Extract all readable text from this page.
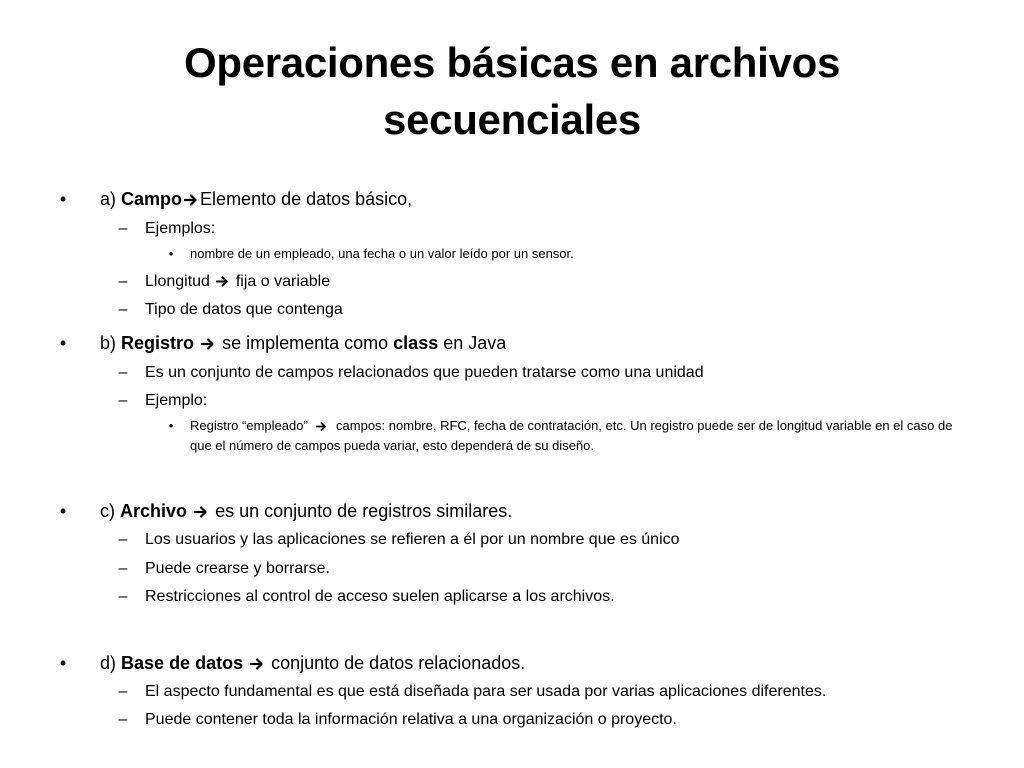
Operaciones básicas en archivos
secuenciales
• a) Campo Elemento de datos básico,
– Ejemplos:
• nombre de un empleado, una fecha o un valor leído por un sensor.
– Llongitud fija o variable
– Tipo de datos que contenga
• b) Registro se implementa como class en Java
– Es un conjunto de campos relacionados que pueden tratarse como una unidad
– Ejemplo:
• Registro “empleado” campos: nombre, RFC, fecha de contratación, etc. Un registro puede ser de longitud variable en el caso de que el número de campos pueda variar, esto dependerá de su diseño.
• c) Archivo es un conjunto de registros similares.
– Los usuarios y las aplicaciones se refieren a él por un nombre que es único
– Puede crearse y borrarse.
– Restricciones al control de acceso suelen aplicarse a los archivos.
• d) Base de datos conjunto de datos relacionados.
– El aspecto fundamental es que está diseñada para ser usada por varias aplicaciones diferentes.
– Puede contener toda la información relativa a una organización o proyecto.
